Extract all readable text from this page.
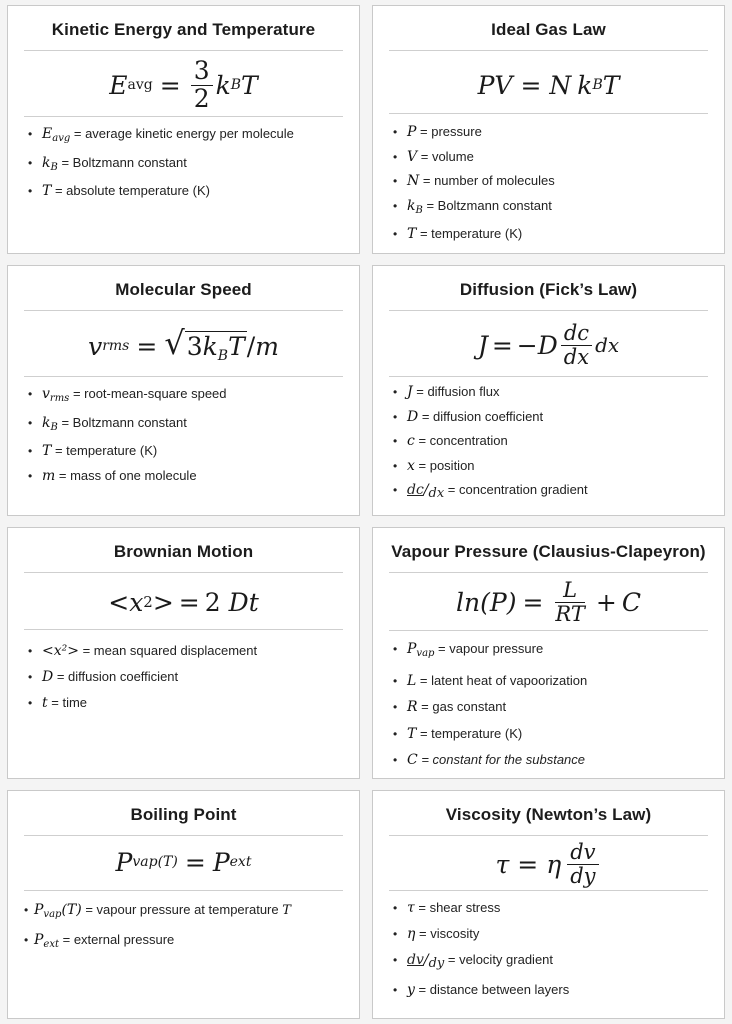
Kinetic Energy and Temperature
E avg = $\frac{3}{2}$ k B T
• $E_{avg}$ = average kinetic energy per molecule
• $k_B$ = Boltzmann constant
• T = absolute temperature (K)
Ideal Gas Law
PV = N k B T
• P = pressure
• V = volume
• N = number of molecules
• $k_B$ = Boltzmann constant
• T = temperature (K)
Molecular Speed
v rms = √ $3k_BT$ / m
• $v_{rms}$ = root-mean-square speed
• $k_B$ = Boltzmann constant
• T = temperature (K)
• m = mass of one molecule
Diffusion (Fick’s Law)
J = − D $\frac{dc}{dx}$ dx
• J = diffusion flux
• D = diffusion coefficient
• c = concentration
• x = position
• dc/dx = concentration gradient
Brownian Motion
<x 2 > = 2 Dt
• <x²> = mean squared displacement
• D = diffusion coefficient
• t = time
Vapour Pressure (Clausius-Clapeyron)
$\ln(P) = \frac{L}{RT} + C$
• $P_{vap}$ = vapour pressure
• L = latent heat of vapoorization
• R = gas constant
• T = temperature (K)
• C = constant for the substance
Boiling Point
P vap(T) = P ext
• $P_{vap}(T)$ = vapour pressure at temperature T
• $P_{ext}$ = external pressure
Viscosity (Newton’s Law)
τ = η $\frac{dv}{dy}$
• τ = shear stress
• η = viscosity
• dv/dy = velocity gradient
• y = distance between layers
